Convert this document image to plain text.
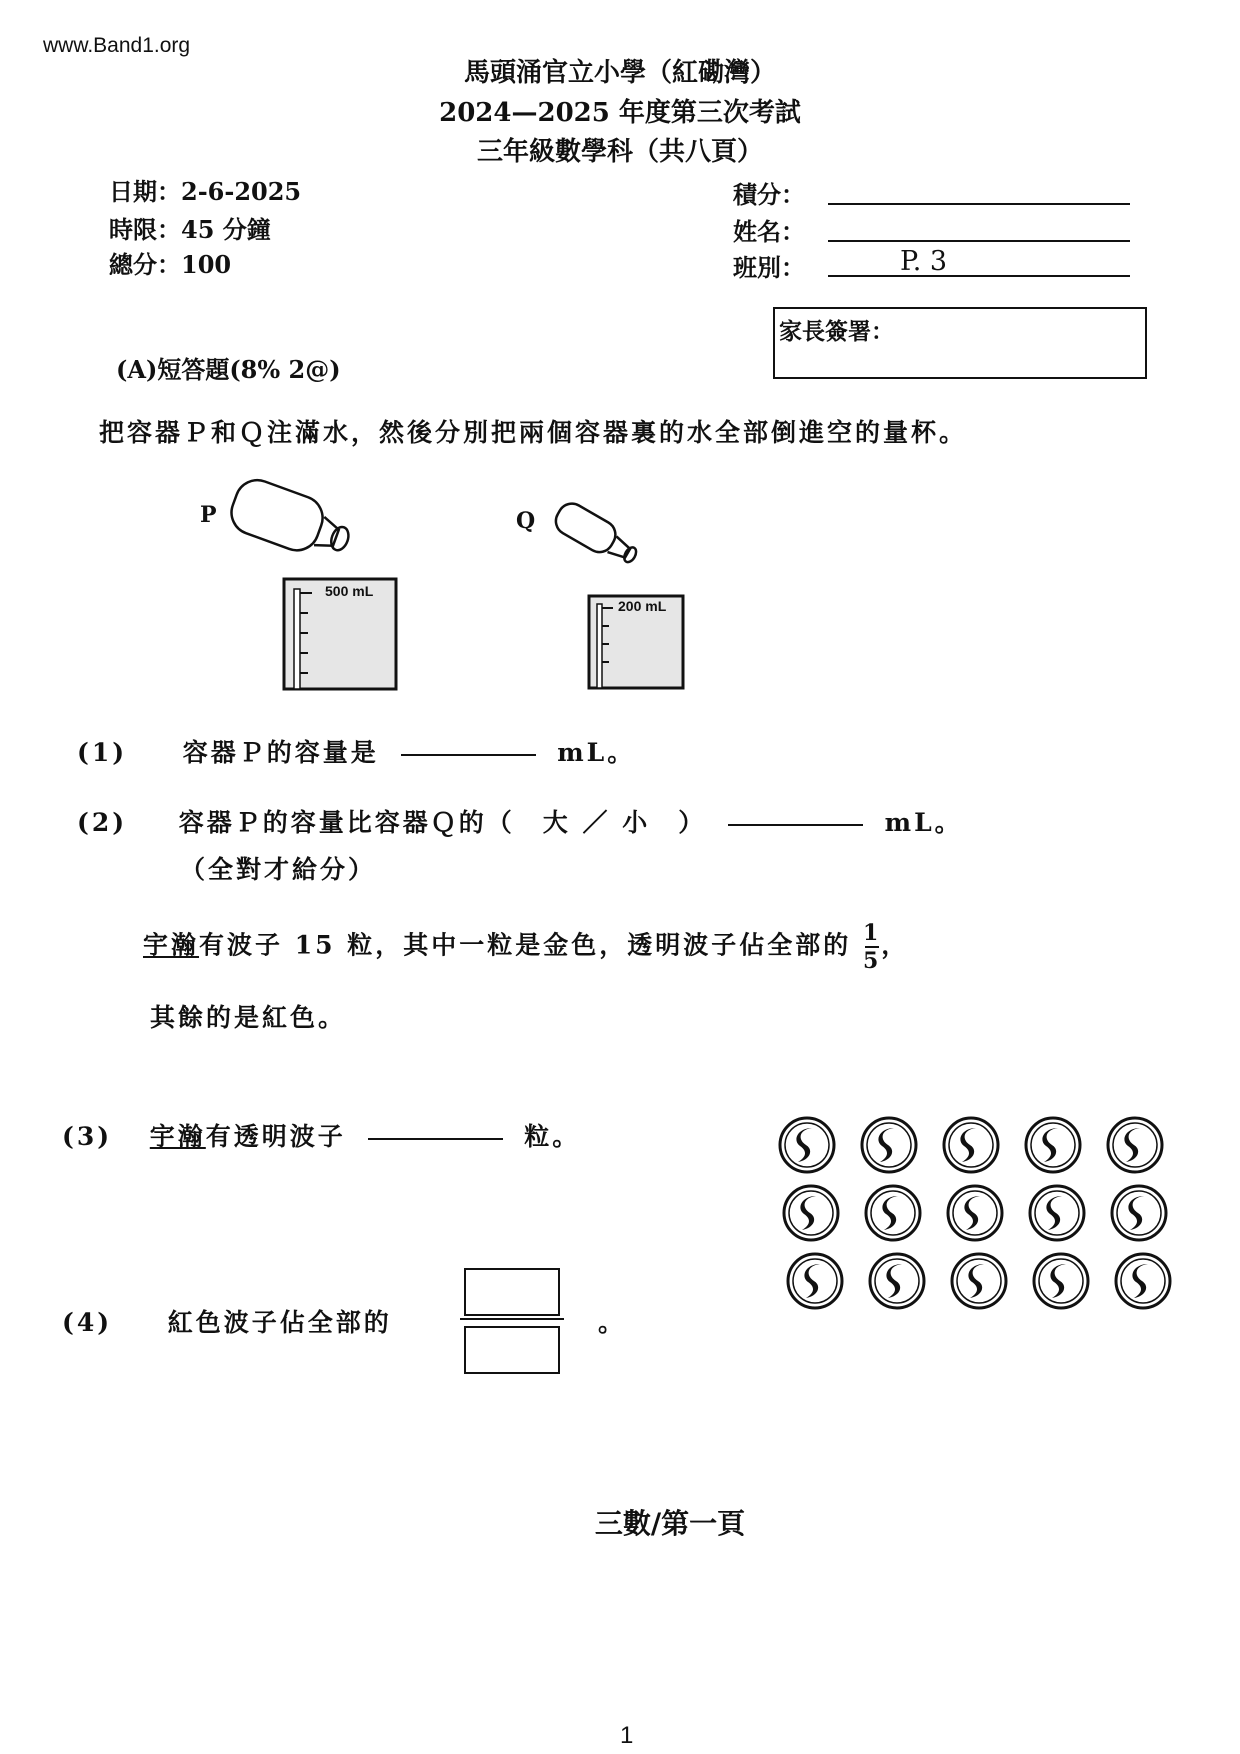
www.Band1.org
馬頭涌官立小學（紅磡灣）
2024—2025 年度第三次考試
三年級數學科（共八頁）
日期：2-6-2025
時限：45 分鐘
總分：100
積分：
姓名：
班別：	P. 3
家長簽署：
(A)短答題(8% 2@)
把容器Ｐ和Ｑ注滿水，然後分別把兩個容器裏的水全部倒進空的量杯。
P
500 mL
Q
200 mL
(1) 容器Ｐ的容量是	mL。
(2) 容器Ｐ的容量比容器Ｑ的（　大 ／ 小　）	mL。
（全對才給分）
宇瀚有波子 15 粒，其中一粒是金色，透明波子佔全部的 $\frac{1}{5}$ ，
其餘的是紅色。
(3) 宇瀚有透明波子	粒。
(4) 紅色波子佔全部的	。
三數/第一頁
1
